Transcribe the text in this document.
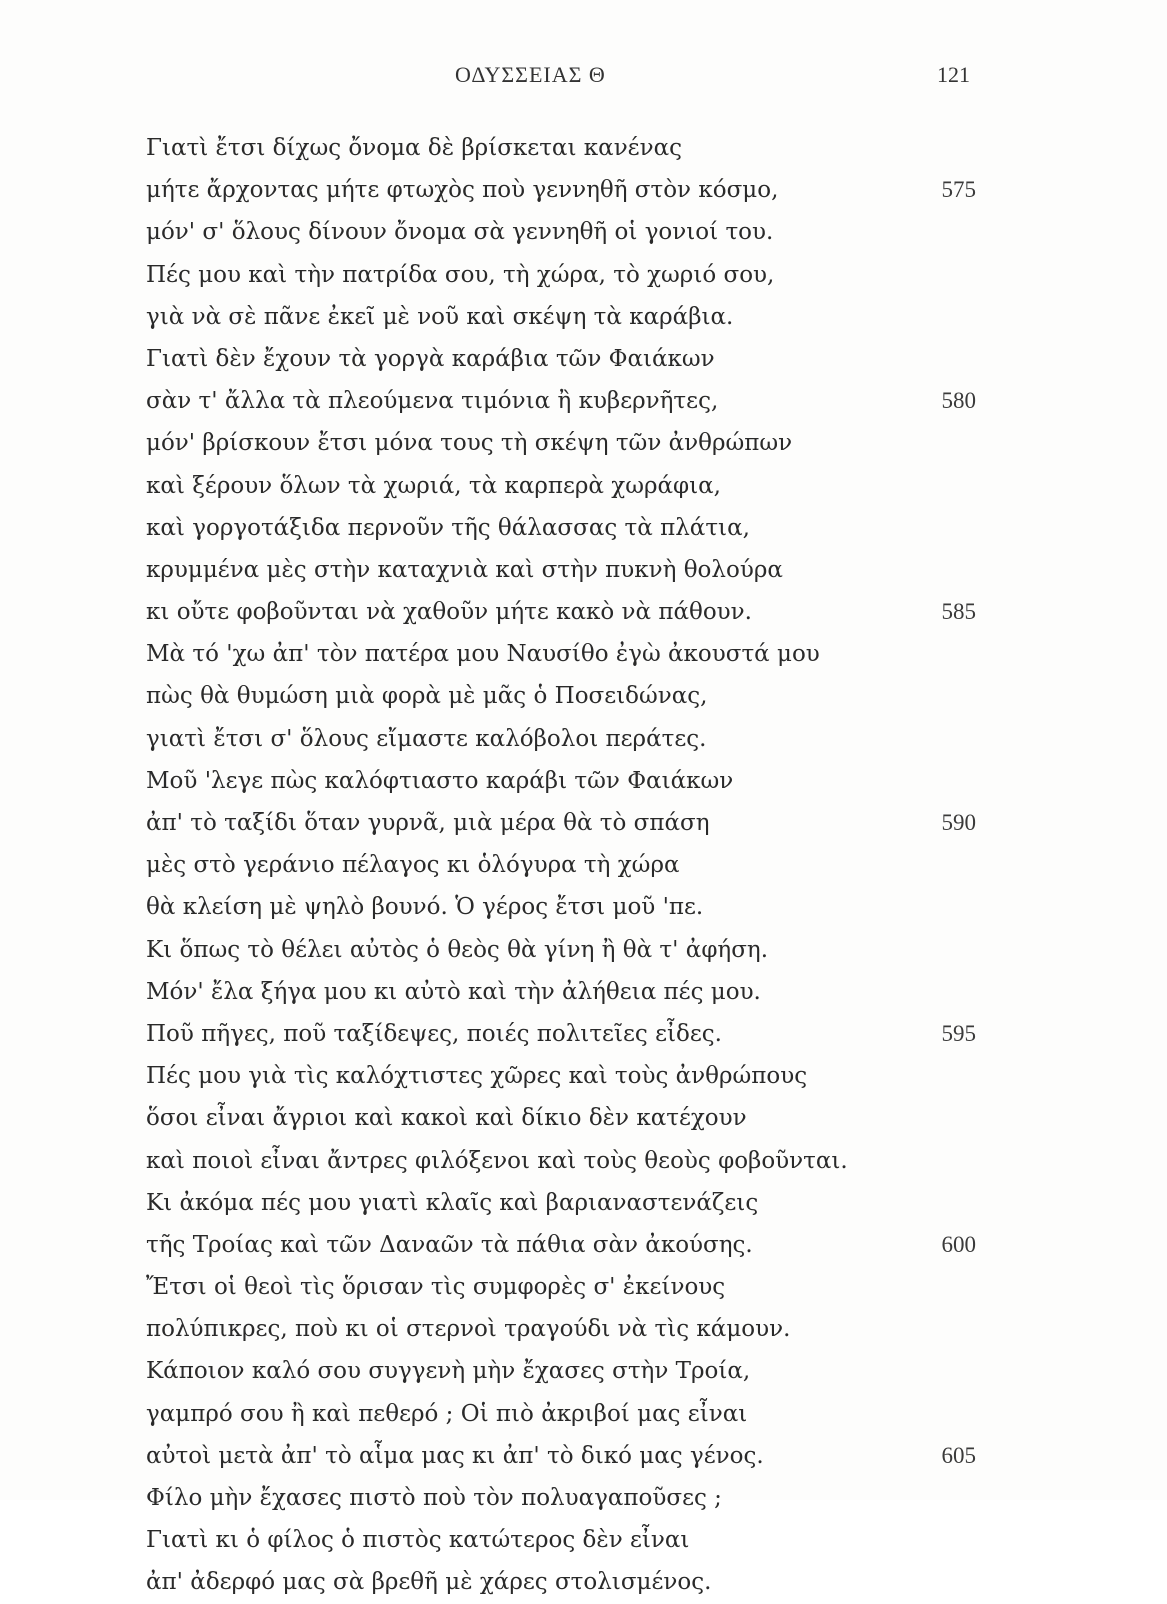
ΟΔΥΣΣΕΙΑΣ Θ	121
Γιατὶ ἔτσι δίχως ὄνομα δὲ βρίσκεται κανένας
μήτε ἄρχοντας μήτε φτωχὸς ποὺ γεννηθῆ στὸν κόσμο,	575
μόν' σ' ὅλους δίνουν ὄνομα σὰ γεννηθῆ οἱ γονιοί του.
Πές μου καὶ τὴν πατρίδα σου, τὴ χώρα, τὸ χωριό σου,
γιὰ νὰ σὲ πᾶνε ἐκεῖ μὲ νοῦ καὶ σκέψη τὰ καράβια.
Γιατὶ δὲν ἔχουν τὰ γοργὰ καράβια τῶν Φαιάκων
σὰν τ' ἄλλα τὰ πλεούμενα τιμόνια ἢ κυβερνῆτες,	580
μόν' βρίσκουν ἔτσι μόνα τους τὴ σκέψη τῶν ἀνθρώπων
καὶ ξέρουν ὅλων τὰ χωριά, τὰ καρπερὰ χωράφια,
καὶ γοργοτάξιδα περνοῦν τῆς θάλασσας τὰ πλάτια,
κρυμμένα μὲς στὴν καταχνιὰ καὶ στὴν πυκνὴ θολούρα
κι οὔτε φοβοῦνται νὰ χαθοῦν μήτε κακὸ νὰ πάθουν.	585
Μὰ τό 'χω ἀπ' τὸν πατέρα μου Ναυσίθο ἐγὼ ἀκουστά μου
πὼς θὰ θυμώση μιὰ φορὰ μὲ μᾶς ὁ Ποσειδώνας,
γιατὶ ἔτσι σ' ὅλους εἴμαστε καλόβολοι περάτες.
Μοῦ 'λεγε πὼς καλόφτιαστο καράβι τῶν Φαιάκων
ἀπ' τὸ ταξίδι ὅταν γυρνᾶ, μιὰ μέρα θὰ τὸ σπάση	590
μὲς στὸ γεράνιο πέλαγος κι ὁλόγυρα τὴ χώρα
θὰ κλείση μὲ ψηλὸ βουνό. Ὁ γέρος ἔτσι μοῦ 'πε.
Κι ὅπως τὸ θέλει αὐτὸς ὁ θεὸς θὰ γίνη ἢ θὰ τ' ἀφήση.
Μόν' ἔλα ξήγα μου κι αὐτὸ καὶ τὴν ἀλήθεια πές μου.
Ποῦ πῆγες, ποῦ ταξίδεψες, ποιές πολιτεῖες εἶδες.	595
Πές μου γιὰ τὶς καλόχτιστες χῶρες καὶ τοὺς ἀνθρώπους
ὅσοι εἶναι ἄγριοι καὶ κακοὶ καὶ δίκιο δὲν κατέχουν
καὶ ποιοὶ εἶναι ἄντρες φιλόξενοι καὶ τοὺς θεοὺς φοβοῦνται.
Κι ἀκόμα πές μου γιατὶ κλαῖς καὶ βαριαναστενάζεις
τῆς Τροίας καὶ τῶν Δαναῶν τὰ πάθια σὰν ἀκούσης.	600
Ἔτσι οἱ θεοὶ τὶς ὅρισαν τὶς συμφορὲς σ' ἐκείνους
πολύπικρες, ποὺ κι οἱ στερνοὶ τραγούδι νὰ τὶς κάμουν.
Κάποιον καλό σου συγγενὴ μὴν ἔχασες στὴν Τροία,
γαμπρό σου ἢ καὶ πεθερό ; Οἱ πιὸ ἀκριβοί μας εἶναι
αὐτοὶ μετὰ ἀπ' τὸ αἷμα μας κι ἀπ' τὸ δικό μας γένος.	605
Φίλο μὴν ἔχασες πιστὸ ποὺ τὸν πολυαγαποῦσες ;
Γιατὶ κι ὁ φίλος ὁ πιστὸς κατώτερος δὲν εἶναι
ἀπ' ἀδερφό μας σὰ βρεθῆ μὲ χάρες στολισμένος.
